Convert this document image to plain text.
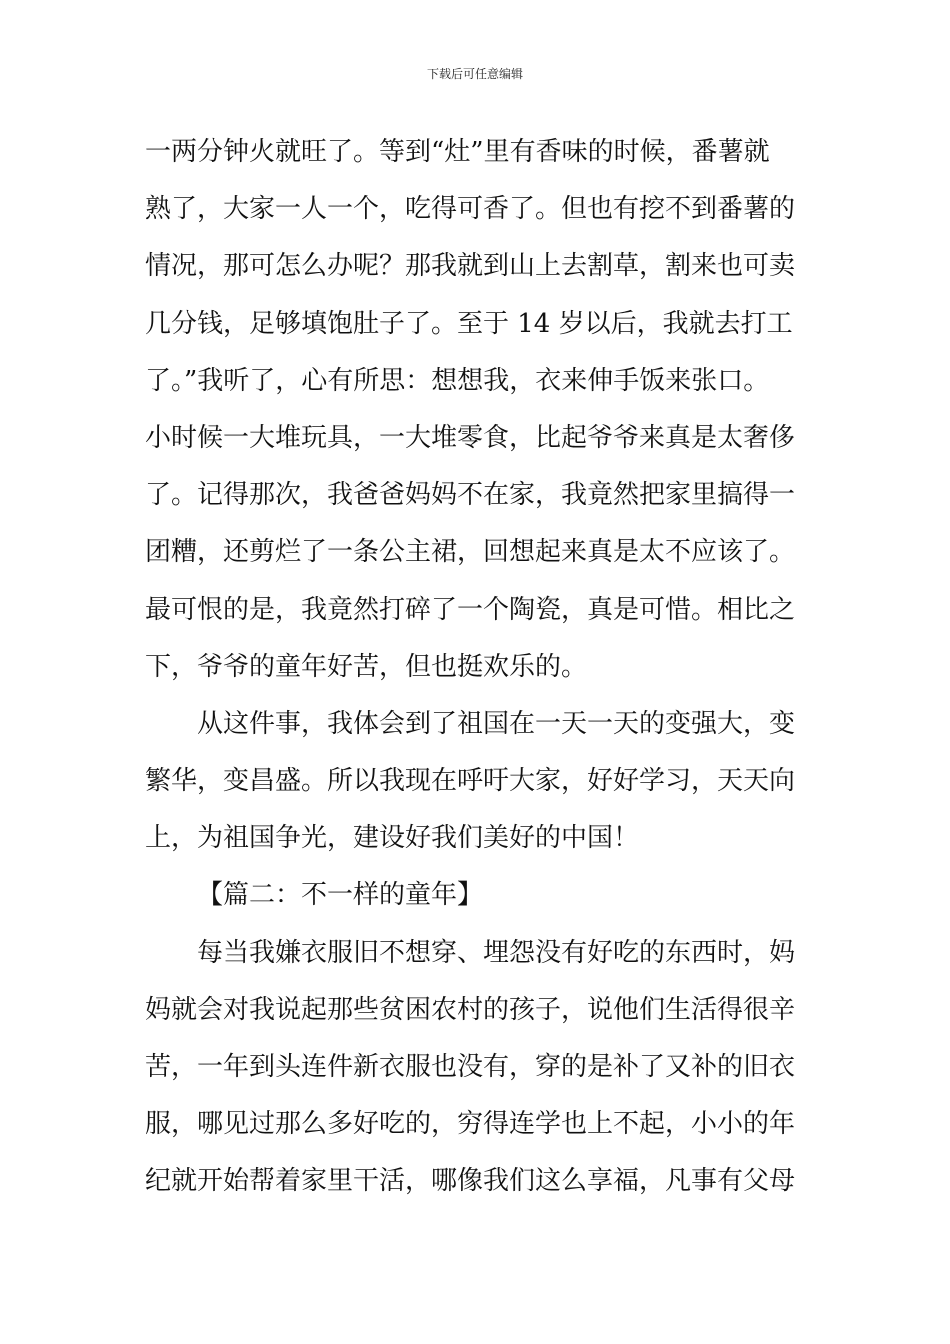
下载后可任意编辑
一两分钟火就旺了。等到“灶”里有香味的时候，番薯就
熟了，大家一人一个，吃得可香了。但也有挖不到番薯的
情况，那可怎么办呢？那我就到山上去割草，割来也可卖
几分钱，足够填饱肚子了。至于 14 岁以后，我就去打工
了。”我听了，心有所思：想想我，衣来伸手饭来张口。
小时候一大堆玩具，一大堆零食，比起爷爷来真是太奢侈
了。记得那次，我爸爸妈妈不在家，我竟然把家里搞得一
团糟，还剪烂了一条公主裙，回想起来真是太不应该了。
最可恨的是，我竟然打碎了一个陶瓷，真是可惜。相比之
下，爷爷的童年好苦，但也挺欢乐的。
从这件事，我体会到了祖国在一天一天的变强大，变
繁华，变昌盛。所以我现在呼吁大家，好好学习，天天向
上，为祖国争光，建设好我们美好的中国！
【篇二：不一样的童年】
每当我嫌衣服旧不想穿、埋怨没有好吃的东西时，妈
妈就会对我说起那些贫困农村的孩子，说他们生活得很辛
苦，一年到头连件新衣服也没有，穿的是补了又补的旧衣
服，哪见过那么多好吃的，穷得连学也上不起，小小的年
纪就开始帮着家里干活，哪像我们这么享福，凡事有父母
